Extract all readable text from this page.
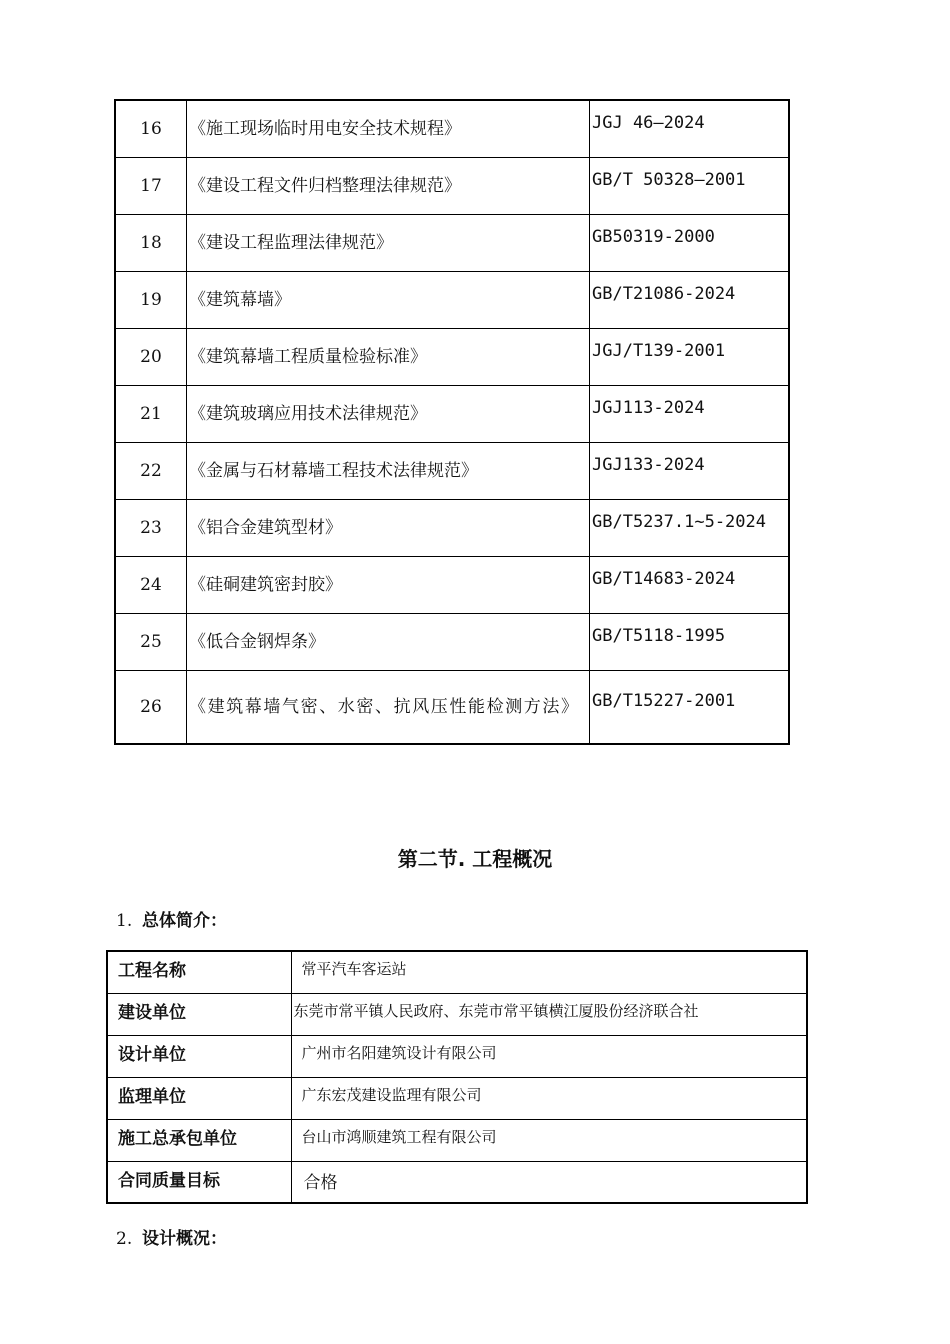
16	《施工现场临时用电安全技术规程》	JGJ 46—2024
17	《建设工程文件归档整理法律规范》	GB/T 50328—2001
18	《建设工程监理法律规范》	GB50319-2000
19	《建筑幕墙》	GB/T21086-2024
20	《建筑幕墙工程质量检验标准》	JGJ/T139-2001
21	《建筑玻璃应用技术法律规范》	JGJ113-2024
22	《金属与石材幕墙工程技术法律规范》	JGJ133-2024
23	《铝合金建筑型材》	GB/T5237.1~5-2024
24	《硅硐建筑密封胶》	GB/T14683-2024
25	《低合金钢焊条》	GB/T5118-1995
26	《建筑幕墙气密、水密、抗风压性能检测方法》	GB/T15227-2001
第二节. 工程概况
1. 总体简介：
工程名称	常平汽车客运站
建设单位	东莞市常平镇人民政府、东莞市常平镇横江厦股份经济联合社
设计单位	广州市名阳建筑设计有限公司
监理单位	广东宏茂建设监理有限公司
施工总承包单位	台山市鸿顺建筑工程有限公司
合同质量目标	合格
2. 设计概况：
